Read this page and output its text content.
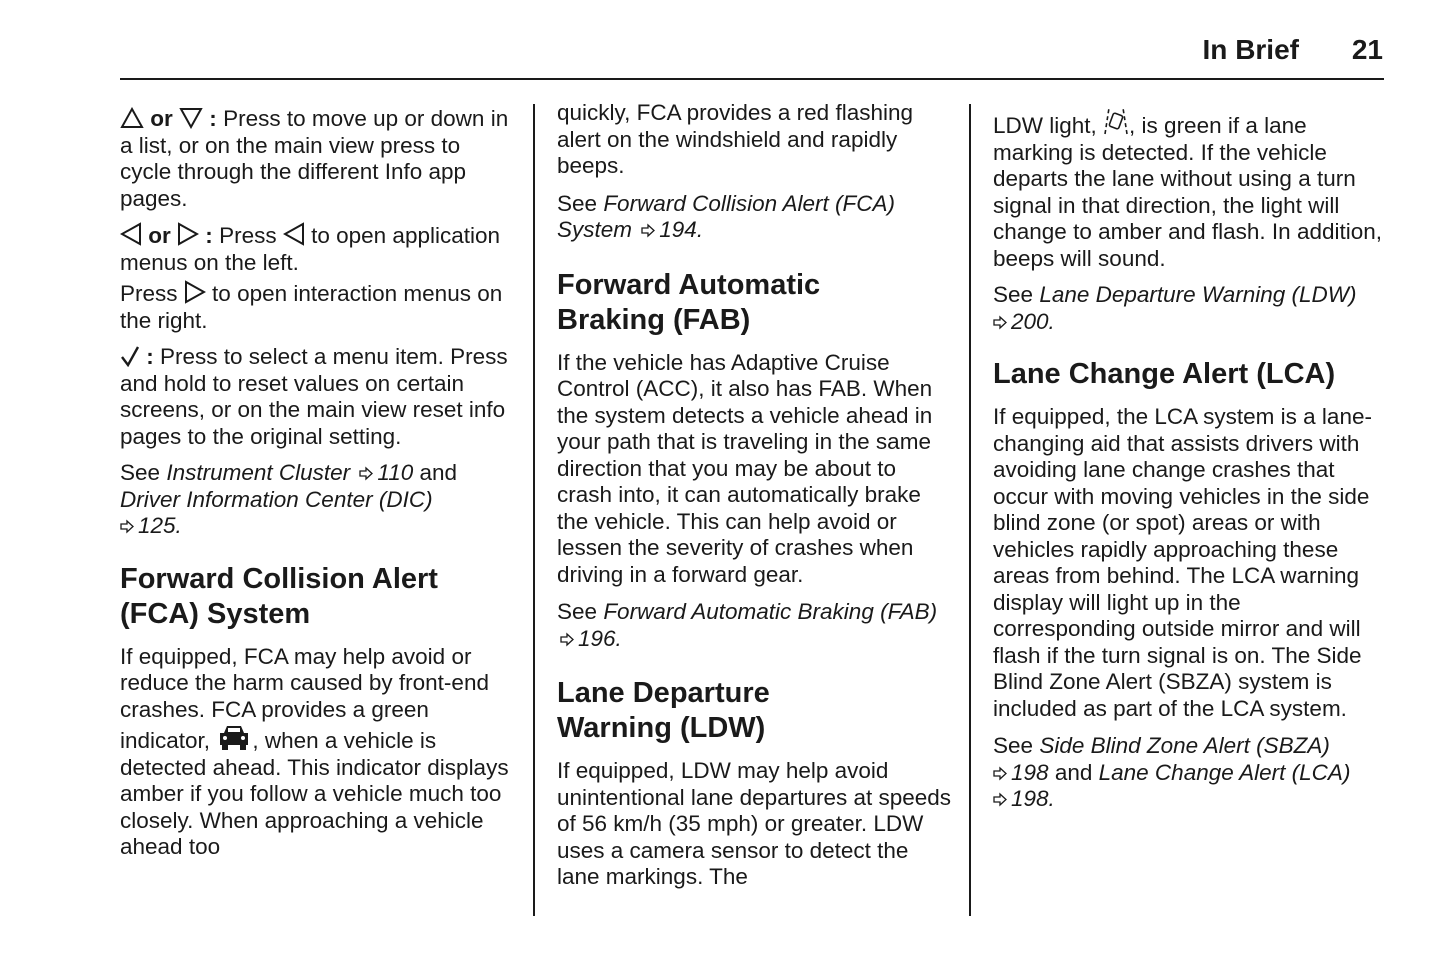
In Brief 21

or : Press to move up or down in a list, or on the main view press to cycle through the different Info app pages.

or : Press to open application menus on the left.

Press to open interaction menus on the right.

: Press to select a menu item. Press and hold to reset values on certain screens, or on the main view reset info pages to the original setting.

See Instrument Cluster 110 and Driver Information Center (DIC)
125.

Forward Collision Alert (FCA) System

If equipped, FCA may help avoid or reduce the harm caused by front-end crashes. FCA provides a green indicator, , when a vehicle is detected ahead. This indicator displays amber if you follow a vehicle much too closely. When approaching a vehicle ahead too

quickly, FCA provides a red flashing alert on the windshield and rapidly beeps.

See Forward Collision Alert (FCA) System 194.

Forward Automatic Braking (FAB)

If the vehicle has Adaptive Cruise Control (ACC), it also has FAB. When the system detects a vehicle ahead in your path that is traveling in the same direction that you may be about to crash into, it can automatically brake the vehicle. This can help avoid or lessen the severity of crashes when driving in a forward gear.

See Forward Automatic Braking (FAB) 196.

Lane Departure Warning (LDW)

If equipped, LDW may help avoid unintentional lane departures at speeds of 56 km/h (35 mph) or greater. LDW uses a camera sensor to detect the lane markings. The

LDW light, , is green if a lane marking is detected. If the vehicle departs the lane without using a turn signal in that direction, the light will change to amber and flash. In addition, beeps will sound.

See Lane Departure Warning (LDW)
200.

Lane Change Alert (LCA)

If equipped, the LCA system is a lane-changing aid that assists drivers with avoiding lane change crashes that occur with moving vehicles in the side blind zone (or spot) areas or with vehicles rapidly approaching these areas from behind. The LCA warning display will light up in the corresponding outside mirror and will flash if the turn signal is on. The Side Blind Zone Alert (SBZA) system is included as part of the LCA system.

See Side Blind Zone Alert (SBZA)
198 and Lane Change Alert (LCA)
198.
